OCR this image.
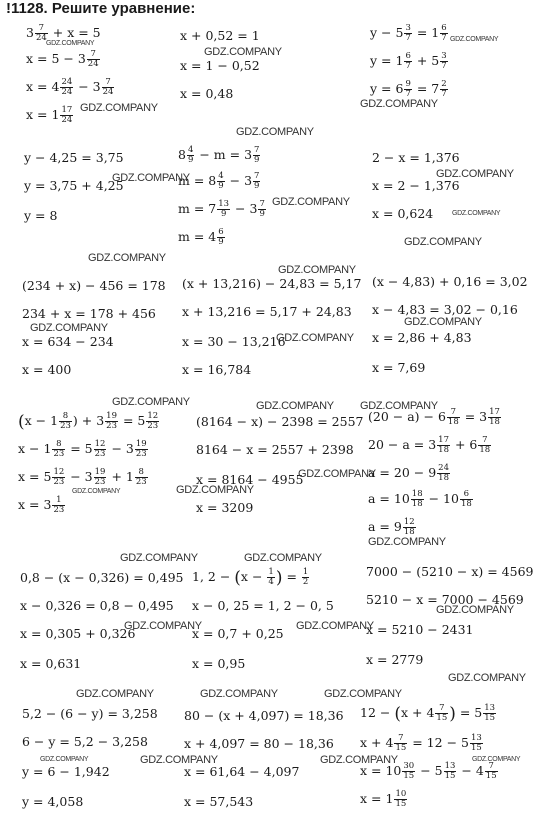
!1128. Решите уравнение:
$3 \frac{7}{24} + x = 5$
$x = 5 - 3 \frac{7}{24}$
$x = 4 \frac{24}{24} - 3 \frac{7}{24}$
$x = 1 \frac{17}{24}$
x + 0,52 = 1
x = 1 − 0,52
x = 0,48
$y - 5 \frac{3}{7} = 1 \frac{6}{7}$
$y = 1 \frac{6}{7} + 5 \frac{3}{7}$
$y = 6 \frac{9}{7} = 7 \frac{2}{7}$
y − 4,25 = 3,75
y = 3,75 + 4,25
y = 8
$8 \frac{4}{9} - m = 3 \frac{7}{9}$
$m = 8 \frac{4}{9} - 3 \frac{7}{9}$
$m = 7 \frac{13}{9} - 3 \frac{7}{9}$
$m = 4 \frac{6}{9}$
2 − x = 1,376
x = 2 − 1,376
x = 0,624
(234 + x) − 456 = 178
234 + x = 178 + 456
x = 634 − 234
x = 400
(x + 13,216) − 24,83 = 5,17
x + 13,216 = 5,17 + 24,83
x = 30 − 13,216
x = 16,784
(x − 4,83) + 0,16 = 3,02
x − 4,83 = 3,02 − 0,16
x = 2,86 + 4,83
x = 7,69
($x - 1 \frac{8}{23}$ ) + $3 \frac{19}{23} = 5 \frac{12}{23}$
$x - 1 \frac{8}{23} = 5 \frac{12}{23} - 3 \frac{19}{23}$
$x = 5 \frac{12}{23} - 3 \frac{19}{23} + 1 \frac{8}{23}$
$x = 3 \frac{1}{23}$
(8164 − x) − 2398 = 2557
8164 − x = 2557 + 2398
x = 8164 − 4955
x = 3209
$(20 - a) - 6 \frac{7}{18} = 3 \frac{17}{18}$
$20 - a = 3 \frac{17}{18} + 6 \frac{7}{18}$
$a = 20 - 9 \frac{24}{18}$
$a = 10 \frac{18}{18} - 10 \frac{6}{18}$
$a = 9 \frac{12}{18}$
0,8 − (x − 0,326) = 0,495
x − 0,326 = 0,8 − 0,495
x = 0,305 + 0,326
x = 0,631
1, $2 - (x - \frac{1}{4}$ ) = $\frac{1}{2}$
x − 0, 25 = 1, 2 − 0, 5
x = 0,7 + 0,25
x = 0,95
7000 − (5210 − x) = 4569
5210 − x = 7000 − 4569
x = 5210 − 2431
x = 2779
5,2 − (6 − y) = 3,258
6 − y = 5,2 − 3,258
y = 6 − 1,942
y = 4,058
80 − (x + 4,097) = 18,36
x + 4,097 = 80 − 18,36
x = 61,64 − 4,097
x = 57,543
$12 - (x + 4 \frac{7}{15}$ ) = $5 \frac{13}{15}$
$x + 4 \frac{7}{15} = 12 - 5 \frac{13}{15}$
$x = 10 \frac{30}{15} - 5 \frac{13}{15} - 4 \frac{7}{15}$
$x = 1 \frac{10}{15}$
GDZ.COMPANY
GDZ.COMPANY
GDZ.COMPANY
GDZ.COMPANY
GDZ.COMPANY
GDZ.COMPANY
GDZ.COMPANY	GDZ.COMPANY
GDZ.COMPANY
GDZ.COMPANY
GDZ.COMPANY
GDZ.COMPANY
GDZ.COMPANY
GDZ.COMPANY
GDZ.COMPANY
GDZ.COMPANY
GDZ.COMPANY	GDZ.COMPANY GDZ.COMPANY
GDZ.COMPANY
GDZ.COMPANY	GDZ.COMPANY
GDZ.COMPANY
GDZ.COMPANY	GDZ.COMPANY
GDZ.COMPANY
GDZ.COMPANY	GDZ.COMPANY
GDZ.COMPANY
GDZ.COMPANY	GDZ.COMPANY	GDZ.COMPANY
GDZ.COMPANY	GDZ.COMPANY	GDZ.COMPANY	GDZ.COMPANY
